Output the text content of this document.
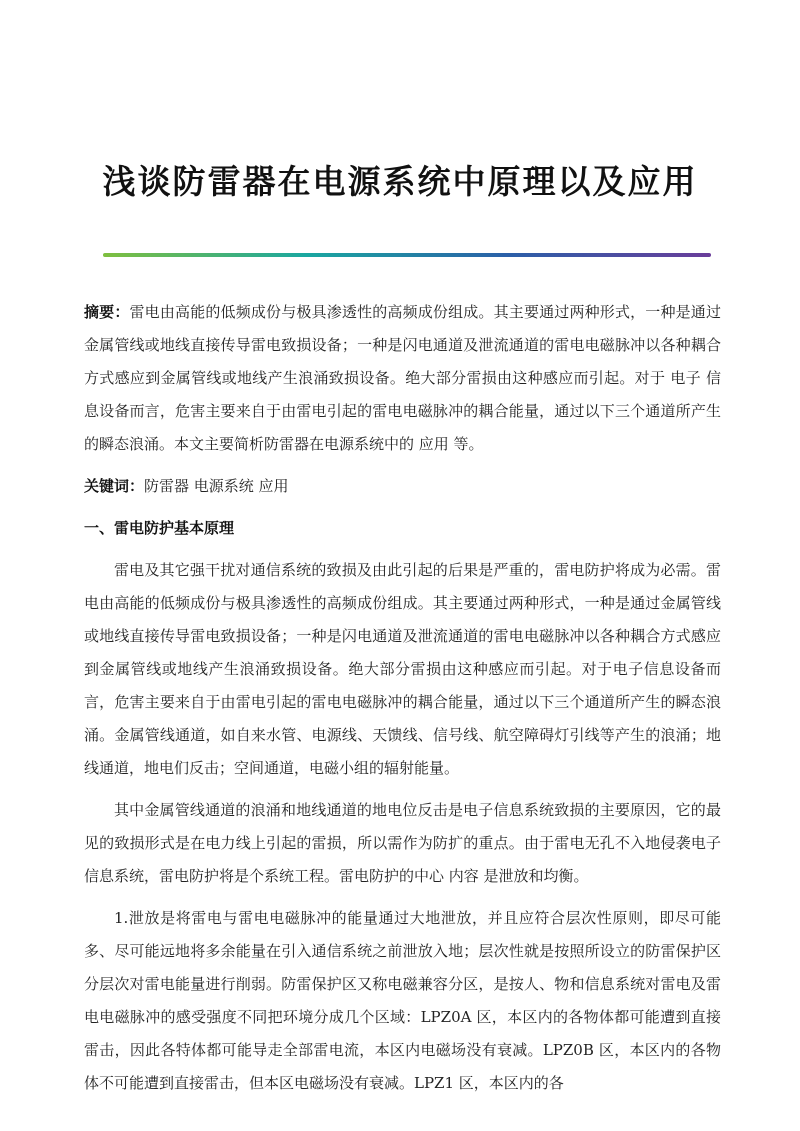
浅谈防雷器在电源系统中原理以及应用

摘要：雷电由高能的低频成份与极具渗透性的高频成份组成。其主要通过两种形式，一种是通过金属管线或地线直接传导雷电致损设备；一种是闪电通道及泄流通道的雷电电磁脉冲以各种耦合方式感应到金属管线或地线产生浪涌致损设备。绝大部分雷损由这种感应而引起。对于 电子 信息设备而言，危害主要来自于由雷电引起的雷电电磁脉冲的耦合能量，通过以下三个通道所产生的瞬态浪涌。本文主要简析防雷器在电源系统中的 应用 等。

关键词：防雷器 电源系统 应用

一、雷电防护基本原理

雷电及其它强干扰对通信系统的致损及由此引起的后果是严重的，雷电防护将成为必需。雷电由高能的低频成份与极具渗透性的高频成份组成。其主要通过两种形式，一种是通过金属管线或地线直接传导雷电致损设备；一种是闪电通道及泄流通道的雷电电磁脉冲以各种耦合方式感应到金属管线或地线产生浪涌致损设备。绝大部分雷损由这种感应而引起。对于电子信息设备而言，危害主要来自于由雷电引起的雷电电磁脉冲的耦合能量，通过以下三个通道所产生的瞬态浪涌。金属管线通道，如自来水管、电源线、天馈线、信号线、航空障碍灯引线等产生的浪涌；地线通道，地电们反击；空间通道，电磁小组的辐射能量。

其中金属管线通道的浪涌和地线通道的地电位反击是电子信息系统致损的主要原因，它的最见的致损形式是在电力线上引起的雷损，所以需作为防扩的重点。由于雷电无孔不入地侵袭电子信息系统，雷电防护将是个系统工程。雷电防护的中心 内容 是泄放和均衡。

1.泄放是将雷电与雷电电磁脉冲的能量通过大地泄放，并且应符合层次性原则，即尽可能多、尽可能远地将多余能量在引入通信系统之前泄放入地；层次性就是按照所设立的防雷保护区分层次对雷电能量进行削弱。防雷保护区又称电磁兼容分区，是按人、物和信息系统对雷电及雷电电磁脉冲的感受强度不同把环境分成几个区域：LPZ0A 区，本区内的各物体都可能遭到直接雷击，因此各特体都可能导走全部雷电流，本区内电磁场没有衰减。LPZ0B 区，本区内的各物体不可能遭到直接雷击，但本区电磁场没有衰减。LPZ1 区，本区内的各
